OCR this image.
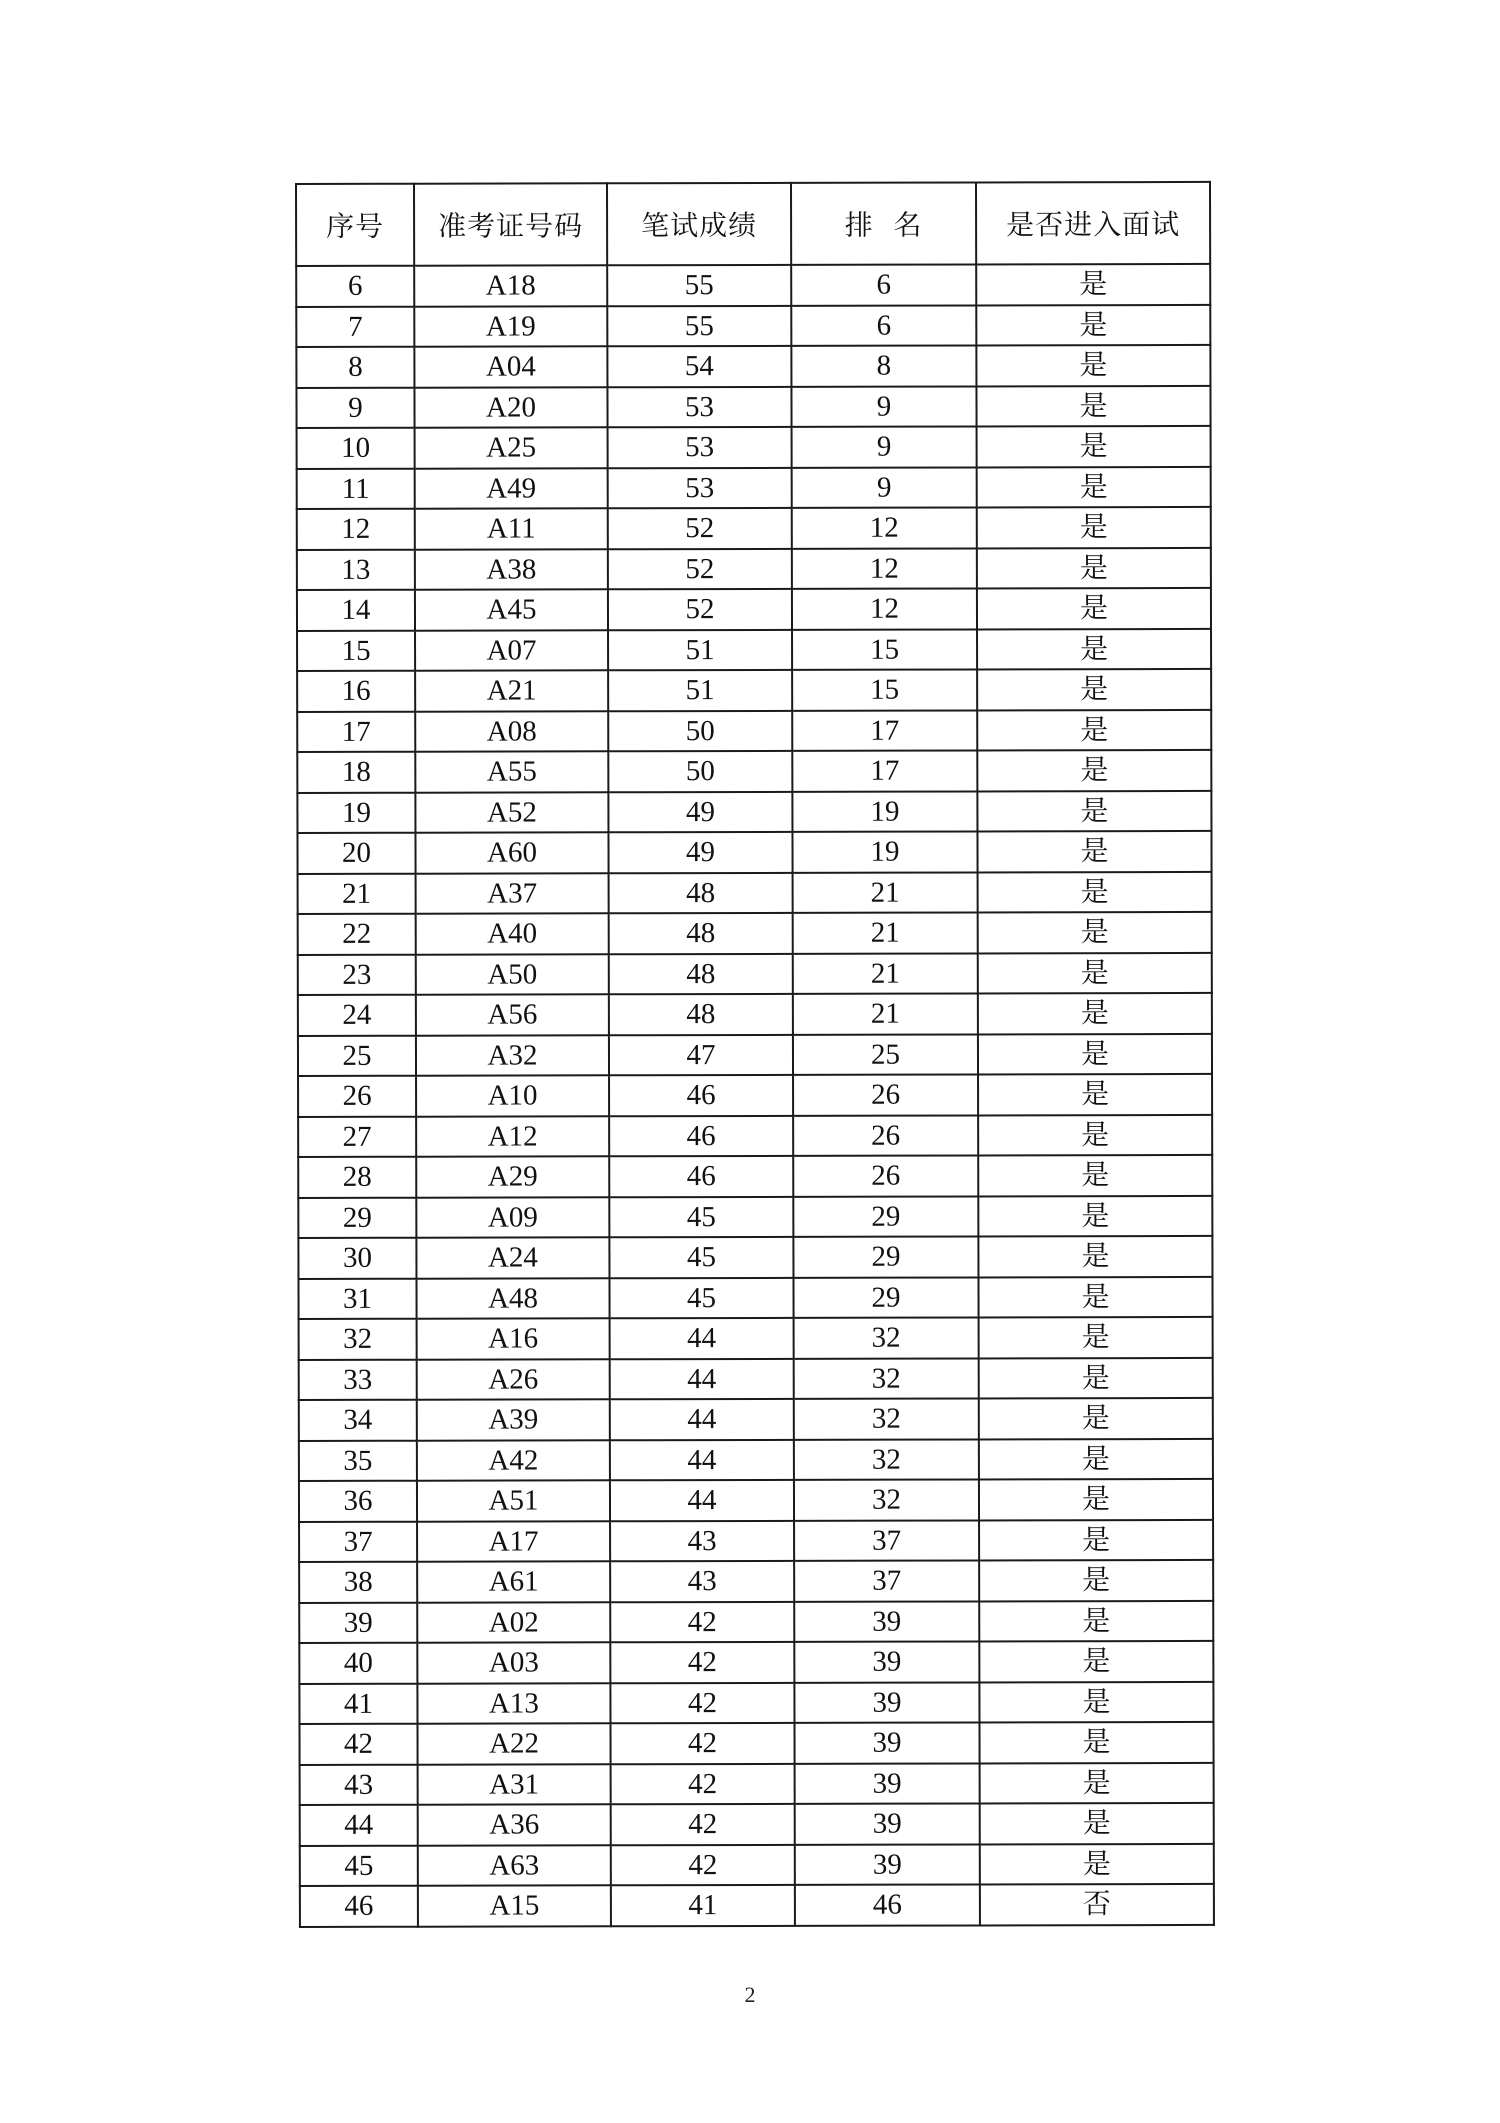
序号	准考证号码	笔试成绩	排  名	是否进入面试
6	A18	55	6	是
7	A19	55	6	是
8	A04	54	8	是
9	A20	53	9	是
10	A25	53	9	是
11	A49	53	9	是
12	A11	52	12	是
13	A38	52	12	是
14	A45	52	12	是
15	A07	51	15	是
16	A21	51	15	是
17	A08	50	17	是
18	A55	50	17	是
19	A52	49	19	是
20	A60	49	19	是
21	A37	48	21	是
22	A40	48	21	是
23	A50	48	21	是
24	A56	48	21	是
25	A32	47	25	是
26	A10	46	26	是
27	A12	46	26	是
28	A29	46	26	是
29	A09	45	29	是
30	A24	45	29	是
31	A48	45	29	是
32	A16	44	32	是
33	A26	44	32	是
34	A39	44	32	是
35	A42	44	32	是
36	A51	44	32	是
37	A17	43	37	是
38	A61	43	37	是
39	A02	42	39	是
40	A03	42	39	是
41	A13	42	39	是
42	A22	42	39	是
43	A31	42	39	是
44	A36	42	39	是
45	A63	42	39	是
46	A15	41	46	否
2
